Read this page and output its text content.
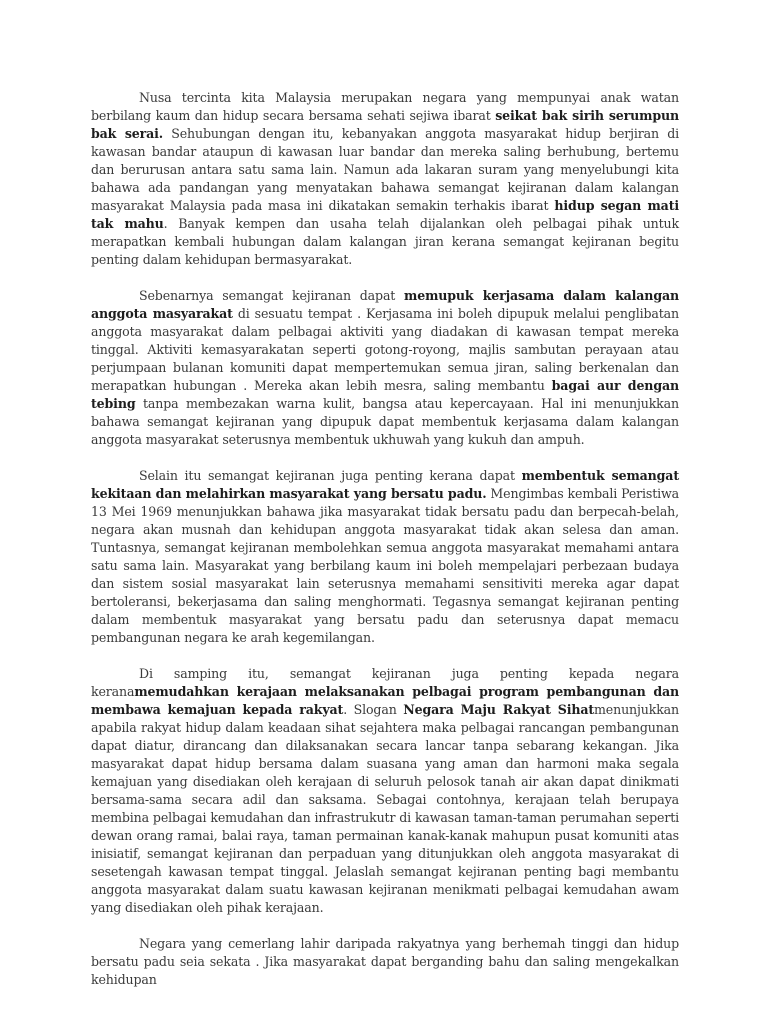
Nusa tercinta kita Malaysia merupakan negara yang mempunyai anak watan berbilang kaum dan hidup secara bersama sehati sejiwa ibarat seikat bak sirih serumpun bak serai. Sehubungan dengan itu, kebanyakan anggota masyarakat hidup berjiran di kawasan bandar ataupun di kawasan luar bandar dan mereka saling berhubung, bertemu dan berurusan antara satu sama lain. Namun ada lakaran suram yang menyelubungi kita bahawa ada pandangan yang menyatakan bahawa semangat kejiranan dalam kalangan masyarakat Malaysia pada masa ini dikatakan semakin terhakis ibarat hidup segan mati tak mahu. Banyak kempen dan usaha telah dijalankan oleh pelbagai pihak untuk merapatkan kembali hubungan dalam kalangan jiran kerana semangat kejiranan begitu penting dalam kehidupan bermasyarakat.

Sebenarnya semangat kejiranan dapat memupuk kerjasama dalam kalangan anggota masyarakat di sesuatu tempat . Kerjasama ini boleh dipupuk melalui penglibatan anggota masyarakat dalam pelbagai aktiviti yang diadakan di kawasan tempat mereka tinggal. Aktiviti kemasyarakatan seperti gotong-royong, majlis sambutan perayaan atau perjumpaan bulanan komuniti dapat mempertemukan semua jiran, saling berkenalan dan merapatkan hubungan . Mereka akan lebih mesra, saling membantu bagai aur dengan tebing tanpa membezakan warna kulit, bangsa atau kepercayaan. Hal ini menunjukkan bahawa semangat kejiranan yang dipupuk dapat membentuk kerjasama dalam kalangan anggota masyarakat seterusnya membentuk ukhuwah yang kukuh dan ampuh.

Selain itu semangat kejiranan juga penting kerana dapat membentuk semangat kekitaan dan melahirkan masyarakat yang bersatu padu. Mengimbas kembali Peristiwa 13 Mei 1969 menunjukkan bahawa jika masyarakat tidak bersatu padu dan berpecah-belah, negara akan musnah dan kehidupan anggota masyarakat tidak akan selesa dan aman. Tuntasnya, semangat kejiranan membolehkan semua anggota masyarakat memahami antara satu sama lain. Masyarakat yang berbilang kaum ini boleh mempelajari perbezaan budaya dan sistem sosial masyarakat lain seterusnya memahami sensitiviti mereka agar dapat bertoleransi, bekerjasama dan saling menghormati. Tegasnya semangat kejiranan penting dalam membentuk masyarakat yang bersatu padu dan seterusnya dapat memacu pembangunan negara ke arah kegemilangan.

Di samping itu, semangat kejiranan juga penting kepada negara keranamemudahkan kerajaan melaksanakan pelbagai program pembangunan dan membawa kemajuan kepada rakyat. Slogan Negara Maju Rakyat Sihatmenunjukkan apabila rakyat hidup dalam keadaan sihat sejahtera maka pelbagai rancangan pembangunan dapat diatur, dirancang dan dilaksanakan secara lancar tanpa sebarang kekangan. Jika masyarakat dapat hidup bersama dalam suasana yang aman dan harmoni maka segala kemajuan yang disediakan oleh kerajaan di seluruh pelosok tanah air akan dapat dinikmati bersama-sama secara adil dan saksama. Sebagai contohnya, kerajaan telah berupaya membina pelbagai kemudahan dan infrastrukutr di kawasan taman-taman perumahan seperti dewan orang ramai, balai raya, taman permainan kanak-kanak mahupun pusat komuniti atas inisiatif, semangat kejiranan dan perpaduan yang ditunjukkan oleh anggota masyarakat di sesetengah kawasan tempat tinggal. Jelaslah semangat kejiranan penting bagi membantu anggota masyarakat dalam suatu kawasan kejiranan menikmati pelbagai kemudahan awam yang disediakan oleh pihak kerajaan.

Negara yang cemerlang lahir daripada rakyatnya yang berhemah tinggi dan hidup bersatu padu seia sekata . Jika masyarakat dapat berganding bahu dan saling mengekalkan kehidupan
